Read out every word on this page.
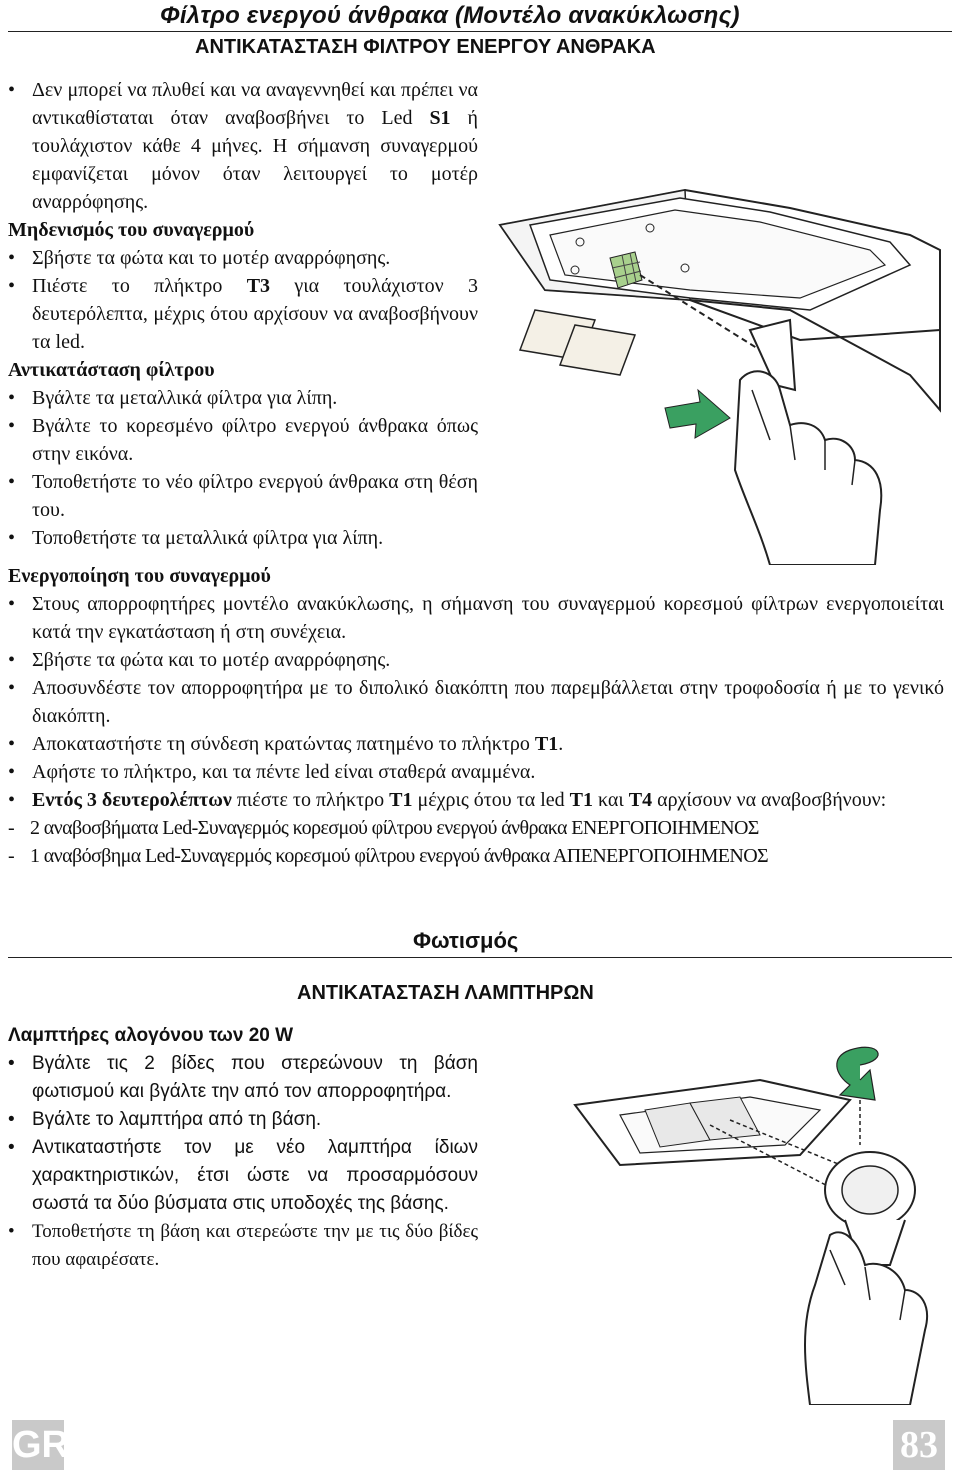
Φίλτρο ενεργού άνθρακα (Μοντέλο ανακύκλωσης)
ΑΝΤΙΚΑΤΑΣΤΑΣΗ ΦΙΛΤΡΟΥ ΕΝΕΡΓΟΥ ΑΝΘΡΑΚΑ
• Δεν μπορεί να πλυθεί και να αναγεννηθεί και πρέπει να αντικαθίσταται όταν αναβοσβήνει το Led S1 ή τουλάχιστον κάθε 4 μήνες. Η σήμανση συναγερμού εμφανίζεται μόνον όταν λειτουργεί το μοτέρ αναρρόφησης.
Μηδενισμός του συναγερμού
• Σβήστε τα φώτα και το μοτέρ αναρρόφησης.
• Πιέστε το πλήκτρο Τ3 για τουλάχιστον 3 δευτερόλεπτα, μέχρις ότου αρχίσουν να αναβοσβήνουν τα led.
Αντικατάσταση φίλτρου
• Βγάλτε τα μεταλλικά φίλτρα για λίπη.
• Βγάλτε το κορεσμένο φίλτρο ενεργού άνθρακα όπως στην εικόνα.
• Τοποθετήστε το νέο φίλτρο ενεργού άνθρακα στη θέση του.
• Τοποθετήστε τα μεταλλικά φίλτρα για λίπη.
Ενεργοποίηση του συναγερμού
• Στους απορροφητήρες μοντέλο ανακύκλωσης, η σήμανση του συναγερμού κορεσμού φίλτρων ενεργοποιείται κατά την εγκατάσταση ή στη συνέχεια.
• Σβήστε τα φώτα και το μοτέρ αναρρόφησης.
• Αποσυνδέστε τον απορροφητήρα με το διπολικό διακόπτη που παρεμβάλλεται στην τροφοδοσία ή με το γενικό διακόπτη.
• Αποκαταστήστε τη σύνδεση κρατώντας πατημένο το πλήκτρο Τ1.
• Αφήστε το πλήκτρο, και τα πέντε led είναι σταθερά αναμμένα.
• Εντός 3 δευτερολέπτων πιέστε το πλήκτρο Τ1 μέχρις ότου τα led Τ1 και Τ4 αρχίσουν να αναβοσβήνουν:
- 2 αναβοσβήματα Led-Συναγερμός κορεσμού φίλτρου ενεργού άνθρακα ΕΝΕΡΓΟΠΟΙΗΜΕΝΟΣ
- 1 αναβόσβημα Led-Συναγερμός κορεσμού φίλτρου ενεργού άνθρακα ΑΠΕΝΕΡΓΟΠΟΙΗΜΕΝΟΣ
Φωτισμός
ΑΝΤΙΚΑΤΑΣΤΑΣΗ ΛΑΜΠΤΗΡΩΝ
Λαμπτήρες αλογόνου των 20 W
• Βγάλτε τις 2 βίδες που στερεώνουν τη βάση φωτισμού και βγάλτε την από τον απορροφητήρα.
• Βγάλτε το λαμπτήρα από τη βάση.
• Αντικαταστήστε τον με νέο λαμπτήρα ίδιων χαρακτηριστικών, έτσι ώστε να προσαρμόσουν σωστά τα δύο βύσματα στις υποδοχές της βάσης.
• Τοποθετήστε τη βάση και στερεώστε την με τις δύο βίδες που αφαιρέσατε.
GR	83
